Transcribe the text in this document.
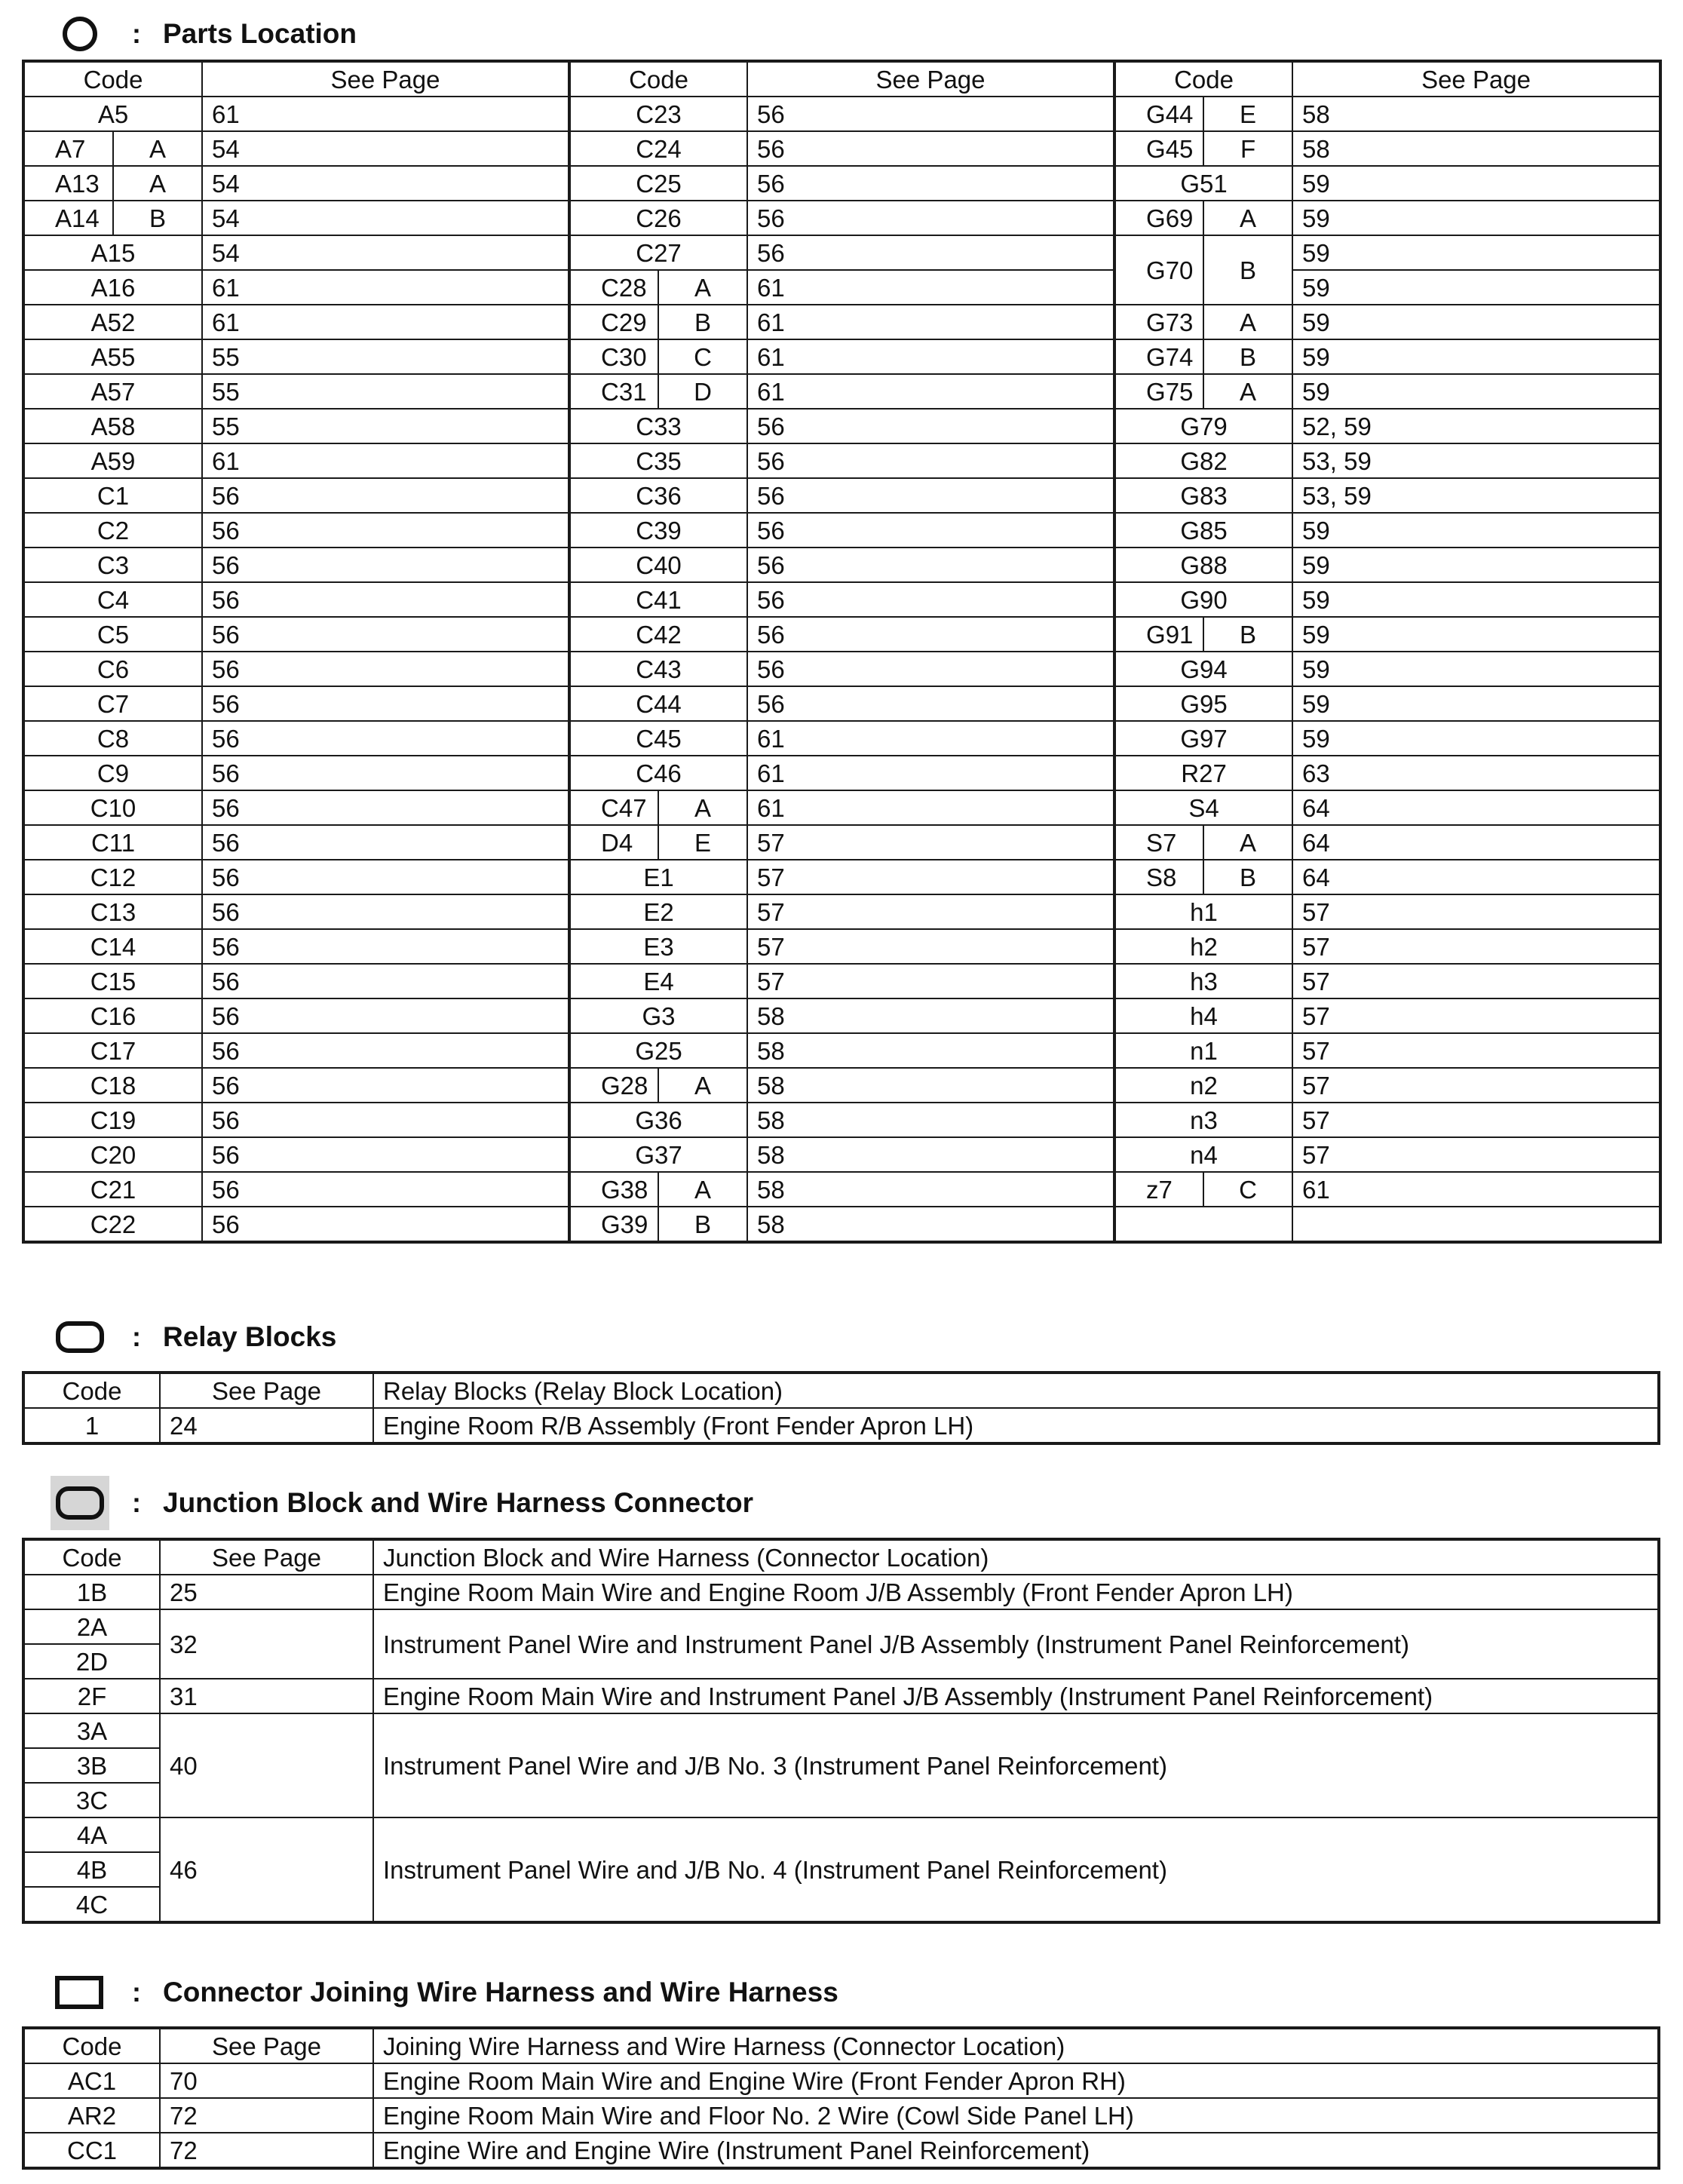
: Parts Location
Code		See Page	Code		See Page	Code		See Page
A5		61	C23		56	G44	E	58
A7	A	54	C24		56	G45	F	58
A13	A	54	C25		56	G51		59
A14	B	54	C26		56	G69	A	59
A15		54	C27		56	G70	B	59
A16		61	C28	A	61			59
A52		61	C29	B	61	G73	A	59
A55		55	C30	C	61	G74	B	59
A57		55	C31	D	61	G75	A	59
A58		55	C33		56	G79		52, 59
A59		61	C35		56	G82		53, 59
C1		56	C36		56	G83		53, 59
C2		56	C39		56	G85		59
C3		56	C40		56	G88		59
C4		56	C41		56	G90		59
C5		56	C42		56	G91	B	59
C6		56	C43		56	G94		59
C7		56	C44		56	G95		59
C8		56	C45		61	G97		59
C9		56	C46		61	R27		63
C10		56	C47	A	61	S4		64
C11		56	D4	E	57	S7	A	64
C12		56	E1		57	S8	B	64
C13		56	E2		57	h1		57
C14		56	E3		57	h2		57
C15		56	E4		57	h3		57
C16		56	G3		58	h4		57
C17		56	G25		58	n1		57
C18		56	G28	A	58	n2		57
C19		56	G36		58	n3		57
C20		56	G37		58	n4		57
C21		56	G38	A	58	z7	C	61
C22		56	G39	B	58			
: Relay Blocks
Code	See Page	Relay Blocks (Relay Block Location)
1	24	Engine Room R/B Assembly (Front Fender Apron LH)
: Junction Block and Wire Harness Connector
Code	See Page	Junction Block and Wire Harness (Connector Location)
1B	25	Engine Room Main Wire and Engine Room J/B Assembly (Front Fender Apron LH)
2A	32	Instrument Panel Wire and Instrument Panel J/B Assembly (Instrument Panel Reinforcement)
2D		
2F	31	Engine Room Main Wire and Instrument Panel J/B Assembly (Instrument Panel Reinforcement)
3A	40	Instrument Panel Wire and J/B No. 3 (Instrument Panel Reinforcement)
3B		
3C		
4A	46	Instrument Panel Wire and J/B No. 4 (Instrument Panel Reinforcement)
4B		
4C		
: Connector Joining Wire Harness and Wire Harness
Code	See Page	Joining Wire Harness and Wire Harness (Connector Location)
AC1	70	Engine Room Main Wire and Engine Wire (Front Fender Apron RH)
AR2	72	Engine Room Main Wire and Floor No. 2 Wire (Cowl Side Panel LH)
CC1	72	Engine Wire and Engine Wire (Instrument Panel Reinforcement)
